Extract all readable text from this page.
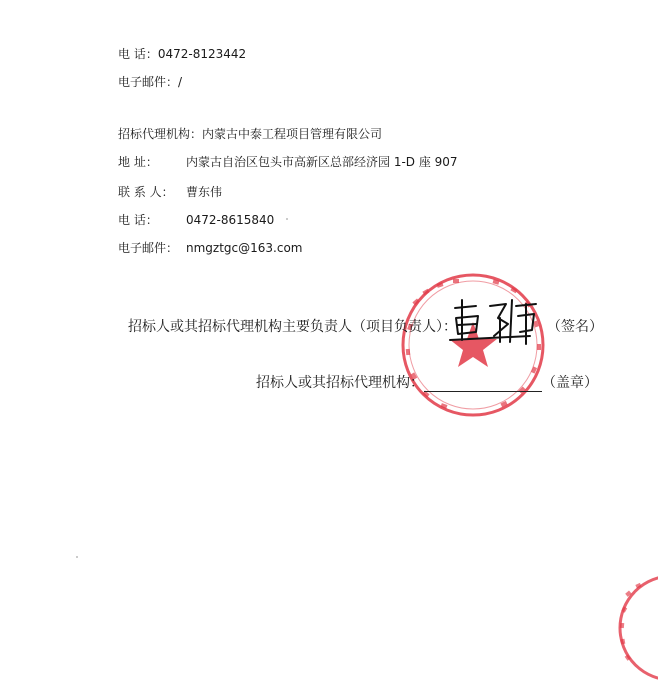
电 话：0472-8123442
电子邮件：/
招标代理机构：内蒙古中泰工程项目管理有限公司
地 址： 内蒙古自治区包头市高新区总部经济园 1-D 座 907
联 系 人： 曹东伟
电 话： 0472-8615840
电子邮件： nmgztgc@163.com
招标人或其招标代理机构主要负责人（项目负责人）：	（签名）
招标人或其招标代理机构：	（盖章）
